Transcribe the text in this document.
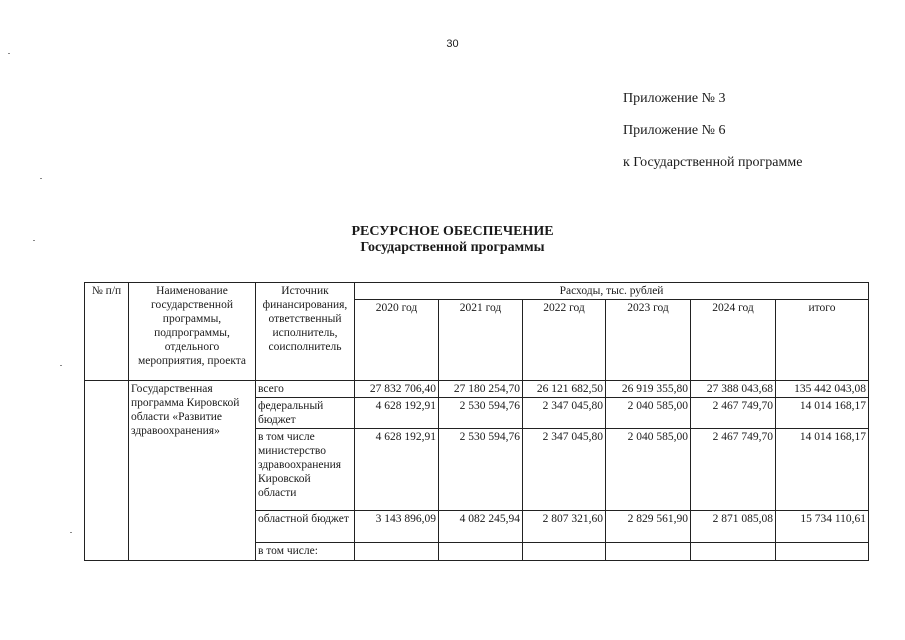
30
Приложение № 3
Приложение № 6
к Государственной программе
РЕСУРСНОЕ ОБЕСПЕЧЕНИЕ
Государственной программы
№ п/п	Наименование государственной программы, подпрограммы, отдельного мероприятия, проекта	Источник финансирования, ответственный исполнитель, соисполнитель	Расходы, тыс. рублей					
			2020 год	2021 год	2022 год	2023 год	2024 год	итого
	Государственная программа Кировской области «Развитие здравоохранения»	всего	27 832 706,40	27 180 254,70	26 121 682,50	26 919 355,80	27 388 043,68	135 442 043,08
		федеральный бюджет	4 628 192,91	2 530 594,76	2 347 045,80	2 040 585,00	2 467 749,70	14 014 168,17
		в том числе министерство здравоохранения Кировской области	4 628 192,91	2 530 594,76	2 347 045,80	2 040 585,00	2 467 749,70	14 014 168,17
		областной бюджет	3 143 896,09	4 082 245,94	2 807 321,60	2 829 561,90	2 871 085,08	15 734 110,61
		в том числе:						
